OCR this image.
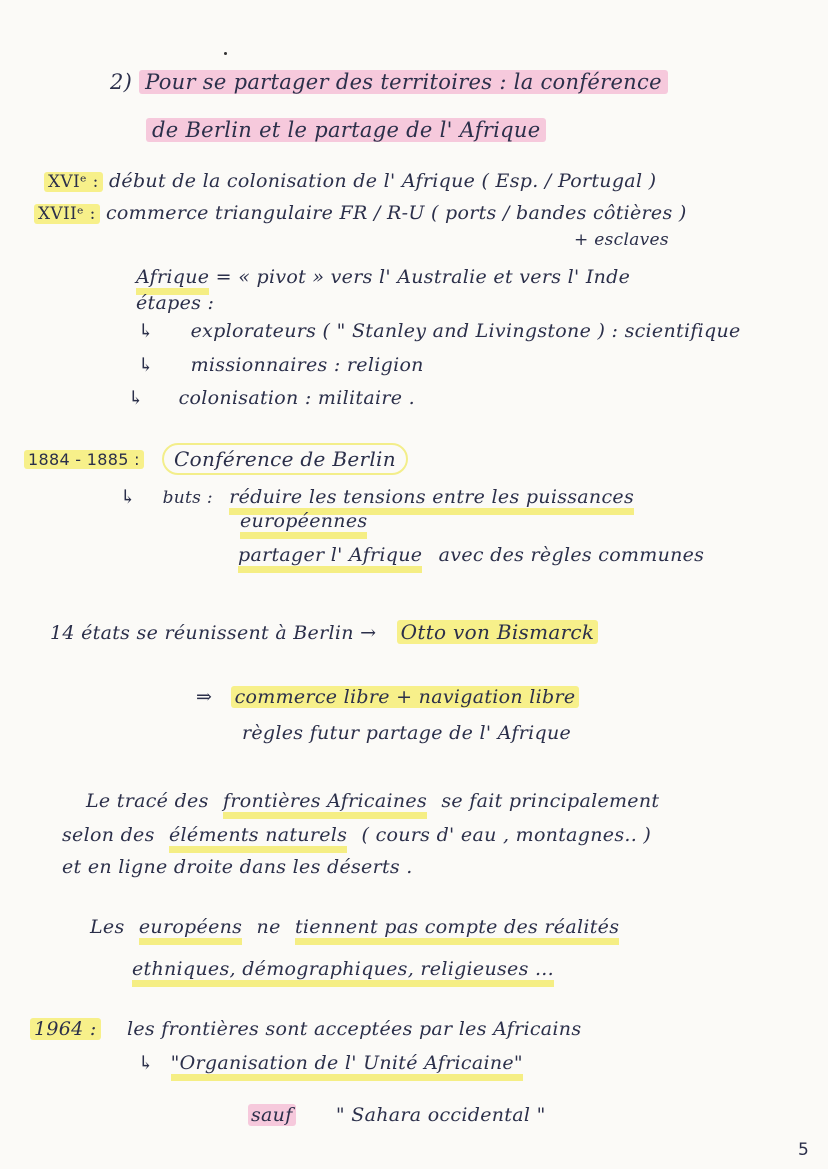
2) Pour se partager des territoires : la conférence
de Berlin et le partage de l' Afrique
XVIᵉ : début de la colonisation de l' Afrique ( Esp. / Portugal )
XVIIᵉ : commerce triangulaire FR / R-U ( ports / bandes côtières )
+ esclaves
Afrique = « pivot » vers l' Australie et vers l' Inde
étapes :
↳ explorateurs ( " Stanley and Livingstone ) : scientifique
↳ missionnaires : religion
↳ colonisation : militaire .
1884 - 1885 :	Conférence de Berlin
↳ buts : réduire les tensions entre les puissances
européennes
partager l' Afrique avec des règles communes
14 états se réunissent à Berlin → Otto von Bismarck
⇒ commerce libre + navigation libre
règles futur partage de l' Afrique
Le tracé des frontières Africaines se fait principalement
selon des éléments naturels ( cours d' eau , montagnes.. )
et en ligne droite dans les déserts .
Les européens ne tiennent pas compte des réalités
ethniques, démographiques, religieuses ...
1964 : les frontières sont acceptées par les Africains
↳ "Organisation de l' Unité Africaine"
sauf " Sahara occidental "
5
